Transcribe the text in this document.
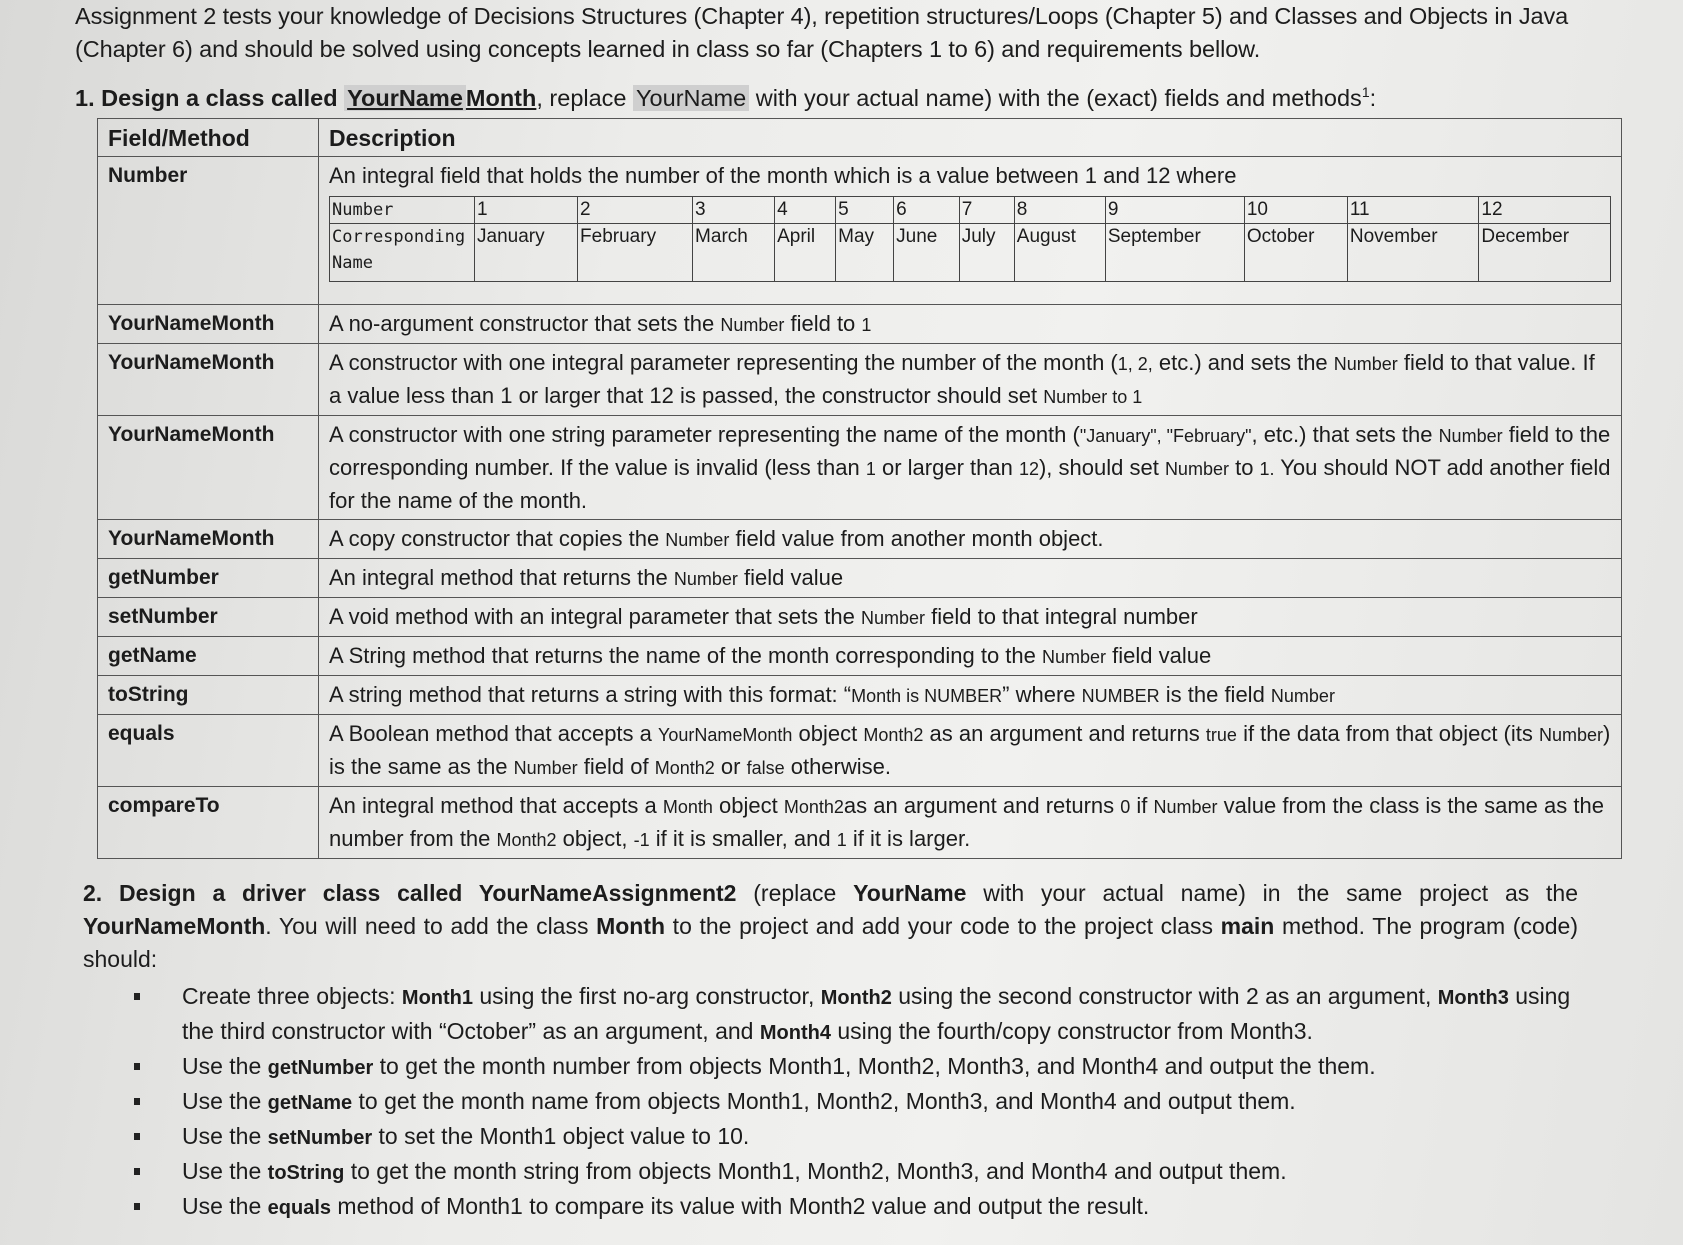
Assignment 2 tests your knowledge of Decisions Structures (Chapter 4), repetition structures/Loops (Chapter 5) and Classes and Objects in Java (Chapter 6) and should be solved using concepts learned in class so far (Chapters 1 to 6) and requirements bellow.
1. Design a class called YourName Month, replace YourName with your actual name) with the (exact) fields and methods$^1$:
Field/Method	Description
Number	An integral field that holds the number of the month which is a value between 1 and 12 where
Number	1	2	3	4	5	6	7	8	9	10	11	12
Corresponding Name	January	February	March	April	May	June	July	August	September	October	November	December

YourNameMonth	A no-argument constructor that sets the Number field to 1
YourNameMonth	A constructor with one integral parameter representing the number of the month (1, 2, etc.) and sets the Number field to that value. If a value less than 1 or larger that 12 is passed, the constructor should set Number to 1
YourNameMonth	A constructor with one string parameter representing the name of the month ("January", "February", etc.) that sets the Number field to the corresponding number. If the value is invalid (less than 1 or larger than 12), should set Number to 1. You should NOT add another field for the name of the month.
YourNameMonth	A copy constructor that copies the Number field value from another month object.
getNumber	An integral method that returns the Number field value
setNumber	A void method with an integral parameter that sets the Number field to that integral number
getName	A String method that returns the name of the month corresponding to the Number field value
toString	A string method that returns a string with this format: “Month is NUMBER” where NUMBER is the field Number
equals	A Boolean method that accepts a YourNameMonth object Month2 as an argument and returns true if the data from that object (its Number) is the same as the Number field of Month2 or false otherwise.
compareTo	An integral method that accepts a Month object Month2as an argument and returns 0 if Number value from the class is the same as the number from the Month2 object, -1 if it is smaller, and 1 if it is larger.
2. Design a driver class called YourNameAssignment2 (replace YourName with your actual name) in the same project as the YourNameMonth. You will need to add the class Month to the project and add your code to the project class main method. The program (code) should:
Create three objects: Month1 using the first no-arg constructor, Month2 using the second constructor with 2 as an argument, Month3 using the third constructor with “October” as an argument, and Month4 using the fourth/copy constructor from Month3.
Use the getNumber to get the month number from objects Month1, Month2, Month3, and Month4 and output the them.
Use the getName to get the month name from objects Month1, Month2, Month3, and Month4 and output them.
Use the setNumber to set the Month1 object value to 10.
Use the toString to get the month string from objects Month1, Month2, Month3, and Month4 and output them.
Use the equals method of Month1 to compare its value with Month2 value and output the result.
